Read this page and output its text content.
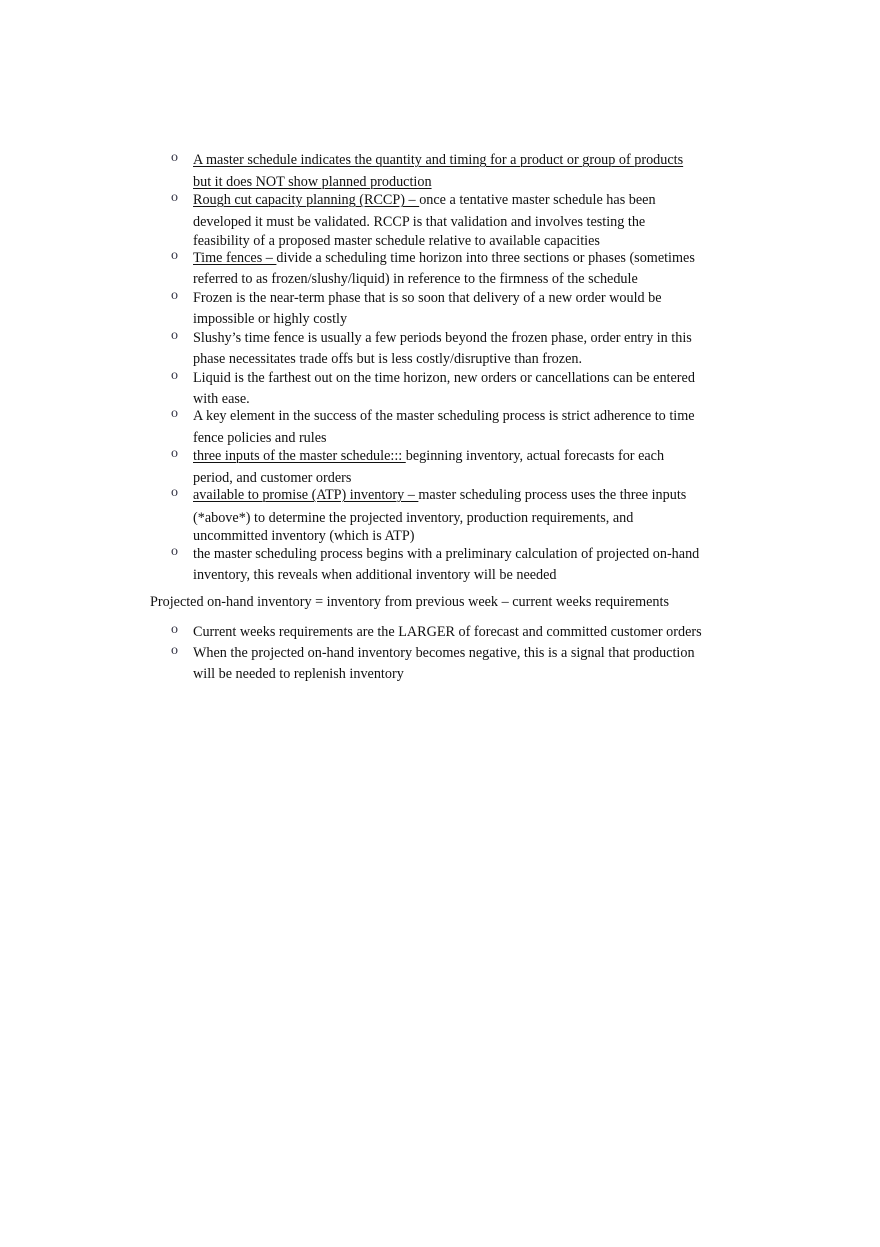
o A master schedule indicates the quantity and timing for a product or group of products
but it does NOT show planned production
o Rough cut capacity planning (RCCP) – once a tentative master schedule has been
developed it must be validated. RCCP is that validation and involves testing the
feasibility of a proposed master schedule relative to available capacities
o Time fences – divide a scheduling time horizon into three sections or phases (sometimes
referred to as frozen/slushy/liquid) in reference to the firmness of the schedule
o Frozen is the near-term phase that is so soon that delivery of a new order would be
impossible or highly costly
o Slushy’s time fence is usually a few periods beyond the frozen phase, order entry in this
phase necessitates trade offs but is less costly/disruptive than frozen.
o Liquid is the farthest out on the time horizon, new orders or cancellations can be entered
with ease.
o A key element in the success of the master scheduling process is strict adherence to time
fence policies and rules
o three inputs of the master schedule::: beginning inventory, actual forecasts for each
period, and customer orders
o available to promise (ATP) inventory – master scheduling process uses the three inputs
(*above*) to determine the projected inventory, production requirements, and
uncommitted inventory (which is ATP)
o the master scheduling process begins with a preliminary calculation of projected on-hand
inventory, this reveals when additional inventory will be needed

Projected on-hand inventory = inventory from previous week – current weeks requirements

o Current weeks requirements are the LARGER of forecast and committed customer orders
o When the projected on-hand inventory becomes negative, this is a signal that production
will be needed to replenish inventory
